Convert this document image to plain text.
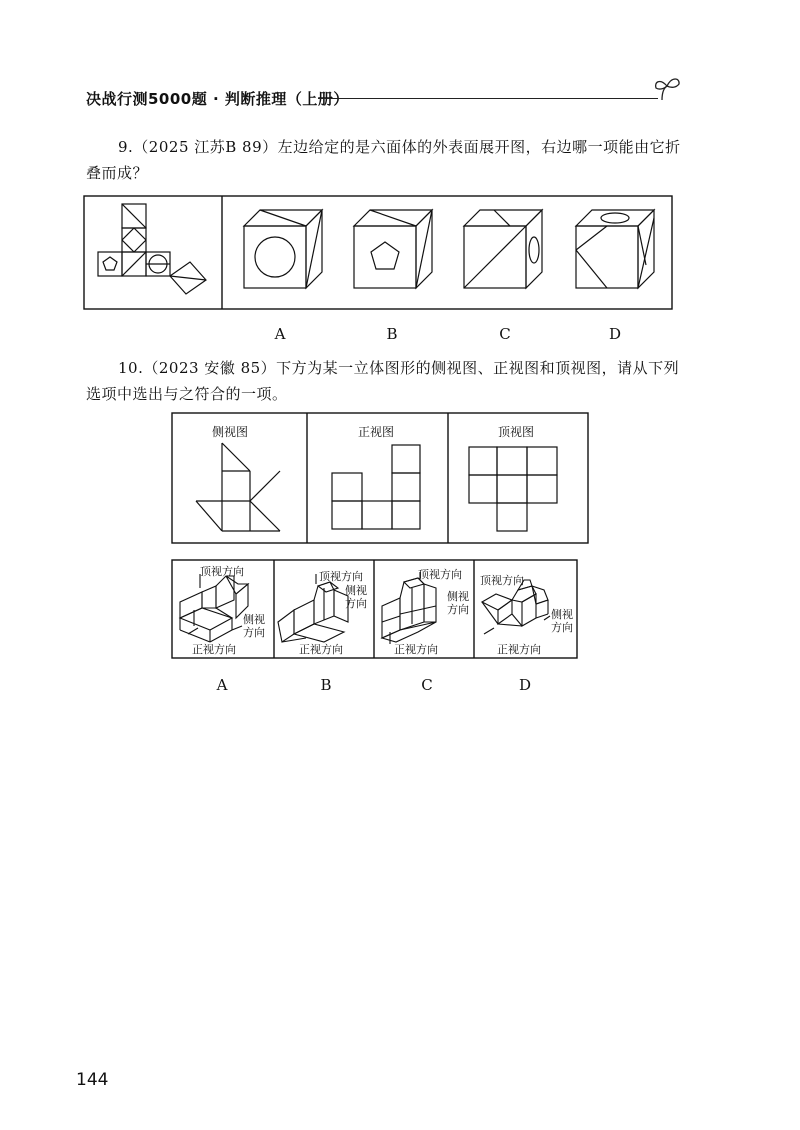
决战行测5000题 · 判断推理（上册）
9.（2025 江苏B 89）左边给定的是六面体的外表面展开图，右边哪一项能由它折叠而成？
A	B	C	D
10.（2023 安徽 85）下方为某一立体图形的侧视图、正视图和顶视图，请从下列选项中选出与之符合的一项。
侧视图	正视图	顶视图
顶视方向
侧视方向
正视方向
顶视方向
侧视方向
正视方向
顶视方向
侧视方向
正视方向
顶视方向
侧视方向
正视方向
A	B	C	D
144
